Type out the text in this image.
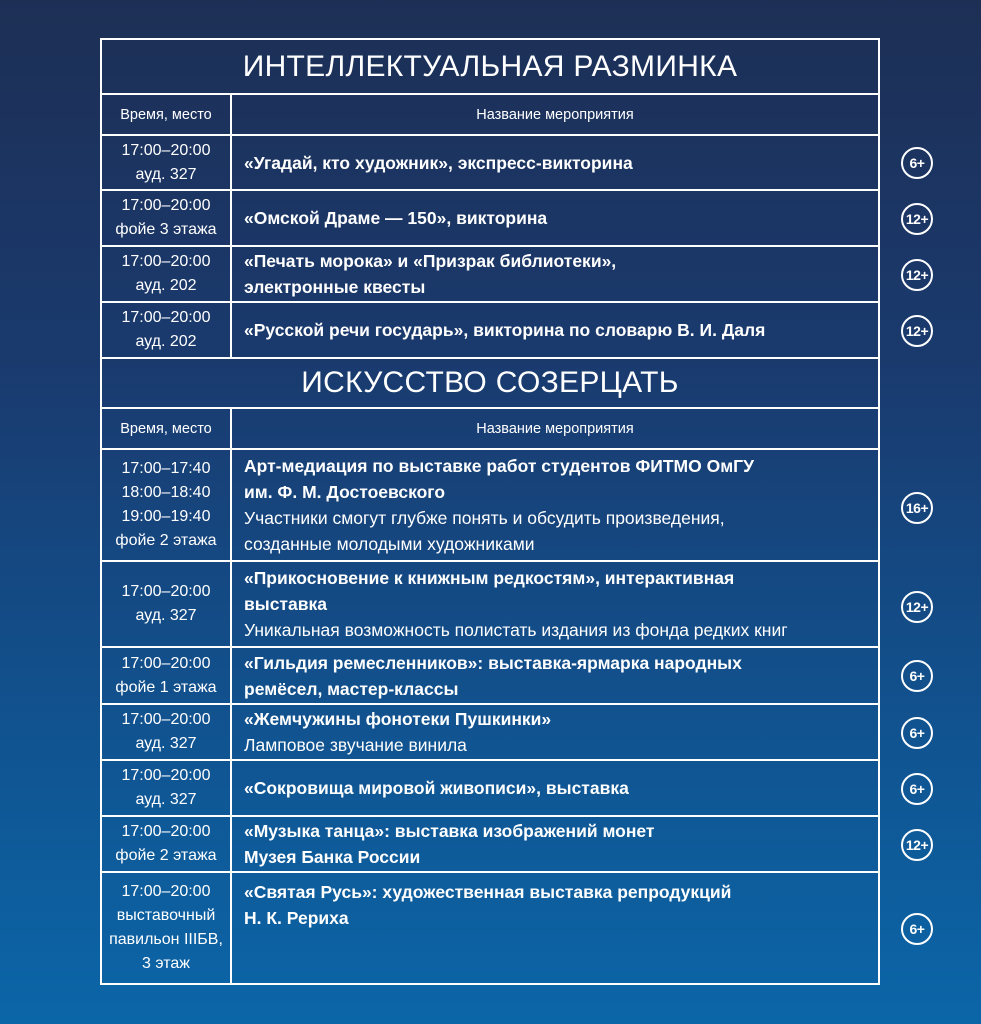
ИНТЕЛЛЕКТУАЛЬНАЯ РАЗМИНКА
Время, место	Название мероприятия
17:00–20:00
ауд. 327
«Угадай, кто художник», экспресс-викторина
17:00–20:00
фойе 3 этажа
«Омской Драме — 150», викторина
17:00–20:00
ауд. 202
«Печать морока» и «Призрак библиотеки»,
электронные квесты
17:00–20:00
ауд. 202
«Русской речи государь», викторина по словарю В. И. Даля
ИСКУССТВО СОЗЕРЦАТЬ
Время, место	Название мероприятия
17:00–17:40
18:00–18:40
19:00–19:40
фойе 2 этажа
Арт-медиация по выставке работ студентов ФИТМО ОмГУ
им. Ф. М. Достоевского
Участники смогут глубже понять и обсудить произведения,
созданные молодыми художниками
17:00–20:00
ауд. 327
«Прикосновение к книжным редкостям», интерактивная
выставка
Уникальная возможность полистать издания из фонда редких книг
17:00–20:00
фойе 1 этажа
«Гильдия ремесленников»: выставка-ярмарка народных
ремёсел, мастер-классы
17:00–20:00
ауд. 327
«Жемчужины фонотеки Пушкинки»
Ламповое звучание винила
17:00–20:00
ауд. 327
«Сокровища мировой живописи», выставка
17:00–20:00
фойе 2 этажа
«Музыка танца»: выставка изображений монет
Музея Банка России
17:00–20:00
выставочный
павильон IIIБВ,
3 этаж
«Святая Русь»: художественная выставка репродукций
Н. К. Рериха
6+
12+
12+
12+
16+
12+
6+
6+
6+
12+
6+
